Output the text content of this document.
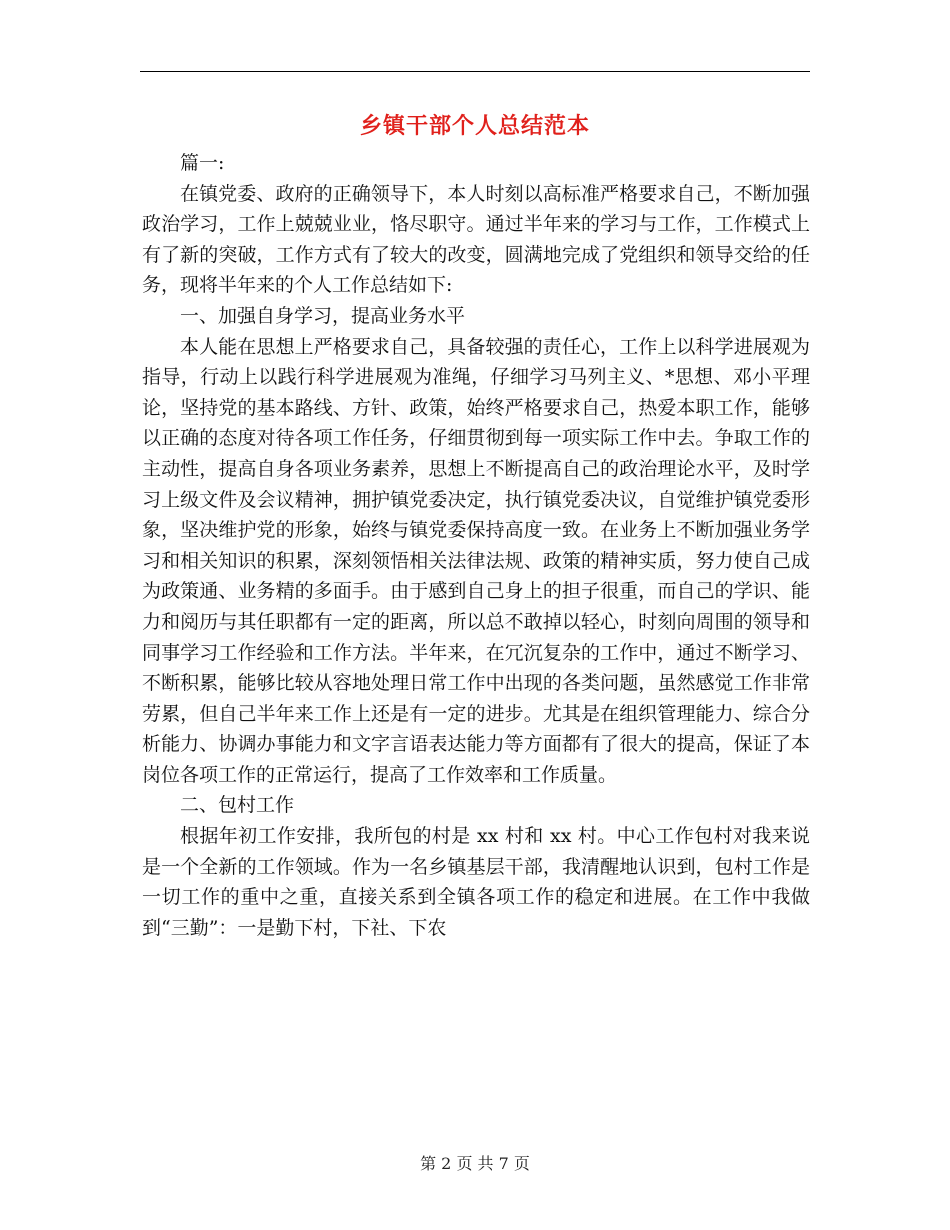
乡镇干部个人总结范本

篇一:

在镇党委、政府的正确领导下，本人时刻以高标准严格要求自己，不断加强政治学习，工作上兢兢业业，恪尽职守。通过半年来的学习与工作，工作模式上有了新的突破，工作方式有了较大的改变，圆满地完成了党组织和领导交给的任务，现将半年来的个人工作总结如下:

一、加强自身学习，提高业务水平

本人能在思想上严格要求自己，具备较强的责任心，工作上以科学进展观为指导，行动上以践行科学进展观为准绳，仔细学习马列主义、*思想、邓小平理论，坚持党的基本路线、方针、政策，始终严格要求自己，热爱本职工作，能够以正确的态度对待各项工作任务，仔细贯彻到每一项实际工作中去。争取工作的主动性，提高自身各项业务素养，思想上不断提高自己的政治理论水平，及时学习上级文件及会议精神，拥护镇党委决定，执行镇党委决议，自觉维护镇党委形象，坚决维护党的形象，始终与镇党委保持高度一致。在业务上不断加强业务学习和相关知识的积累，深刻领悟相关法律法规、政策的精神实质，努力使自己成为政策通、业务精的多面手。由于感到自己身上的担子很重，而自己的学识、能力和阅历与其任职都有一定的距离，所以总不敢掉以轻心，时刻向周围的领导和同事学习工作经验和工作方法。半年来，在冗沉复杂的工作中，通过不断学习、不断积累，能够比较从容地处理日常工作中出现的各类问题，虽然感觉工作非常劳累，但自己半年来工作上还是有一定的进步。尤其是在组织管理能力、综合分析能力、协调办事能力和文字言语表达能力等方面都有了很大的提高，保证了本岗位各项工作的正常运行，提高了工作效率和工作质量。

二、包村工作

根据年初工作安排，我所包的村是 xx 村和 xx 村。中心工作包村对我来说是一个全新的工作领域。作为一名乡镇基层干部，我清醒地认识到，包村工作是一切工作的重中之重，直接关系到全镇各项工作的稳定和进展。在工作中我做到“三勤”：一是勤下村，下社、下农

第 2 页 共 7 页
